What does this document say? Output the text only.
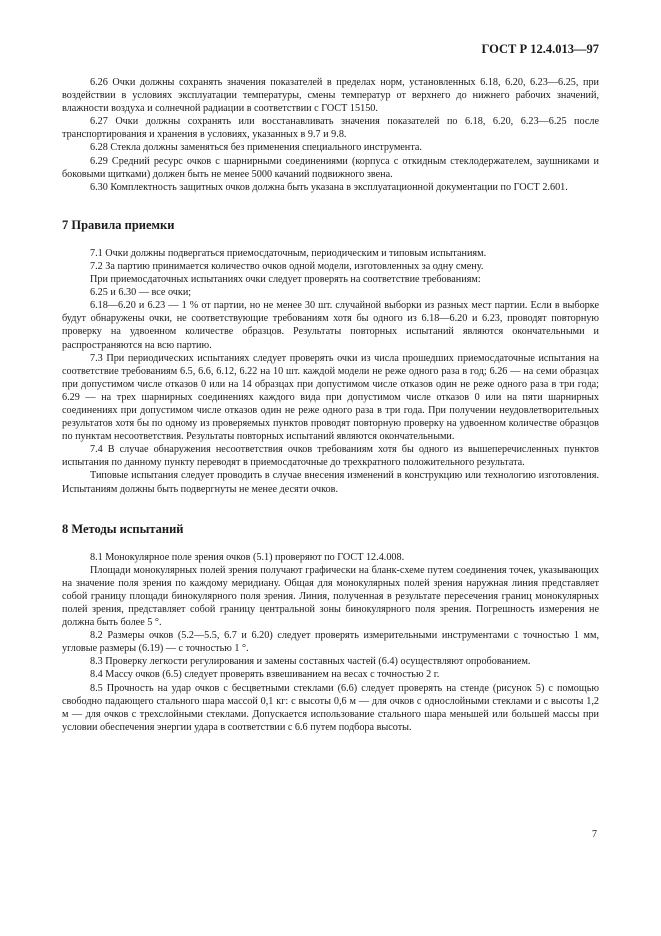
ГОСТ Р 12.4.013—97

6.26 Очки должны сохранять значения показателей в пределах норм, установленных 6.18, 6.20, 6.23—6.25, при воздействии в условиях эксплуатации температуры, смены температур от верхнего до нижнего рабочих значений, влажности воздуха и солнечной радиации в соответствии с ГОСТ 15150.

6.27 Очки должны сохранять или восстанавливать значения показателей по 6.18, 6.20, 6.23—6.25 после транспортирования и хранения в условиях, указанных в 9.7 и 9.8.

6.28 Стекла должны заменяться без применения специального инструмента.

6.29 Средний ресурс очков с шарнирными соединениями (корпуса с откидным стеклодержателем, заушниками и боковыми щитками) должен быть не менее 5000 качаний подвижного звена.

6.30 Комплектность защитных очков должна быть указана в эксплуатационной документации по ГОСТ 2.601.

7 Правила приемки

7.1 Очки должны подвергаться приемосдаточным, периодическим и типовым испытаниям.

7.2 За партию принимается количество очков одной модели, изготовленных за одну смену.

При приемосдаточных испытаниях очки следует проверять на соответствие требованиям:

6.25 и 6.30 — все очки;

6.18—6.20 и 6.23 — 1 % от партии, но не менее 30 шт. случайной выборки из разных мест партии. Если в выборке будут обнаружены очки, не соответствующие требованиям хотя бы одного из 6.18—6.20 и 6.23, проводят повторную проверку на удвоенном количестве образцов. Результаты повторных испытаний являются окончательными и распространяются на всю партию.

7.3 При периодических испытаниях следует проверять очки из числа прошедших приемосдаточные испытания на соответствие требованиям 6.5, 6.6, 6.12, 6.22 на 10 шт. каждой модели не реже одного раза в год; 6.26 — на семи образцах при допустимом числе отказов 0 или на 14 образцах при допустимом числе отказов один не реже одного раза в три года; 6.29 — на трех шарнирных соединениях каждого вида при допустимом числе отказов 0 или на пяти шарнирных соединениях при допустимом числе отказов один не реже одного раза в три года. При получении неудовлетворительных результатов хотя бы по одному из проверяемых пунктов проводят повторную проверку на удвоенном количестве образцов по пунктам несоответствия. Результаты повторных испытаний являются окончательными.

7.4 В случае обнаружения несоответствия очков требованиям хотя бы одного из вышеперечисленных пунктов испытания по данному пункту переводят в приемосдаточные до трехкратного положительного результата.

Типовые испытания следует проводить в случае внесения изменений в конструкцию или технологию изготовления. Испытаниям должны быть подвергнуты не менее десяти очков.

8 Методы испытаний

8.1 Монокулярное поле зрения очков (5.1) проверяют по ГОСТ 12.4.008.

Площади монокулярных полей зрения получают графически на бланк-схеме путем соединения точек, указывающих на значение поля зрения по каждому меридиану. Общая для монокулярных полей зрения наружная линия представляет собой границу площади бинокулярного поля зрения. Линия, полученная в результате пересечения границ монокулярных полей зрения, представляет собой границу центральной зоны бинокулярного поля зрения. Погрешность измерения не должна быть более 5 °.

8.2 Размеры очков (5.2—5.5, 6.7 и 6.20) следует проверять измерительными инструментами с точностью 1 мм, угловые размеры (6.19) — с точностью 1 °.

8.3 Проверку легкости регулирования и замены составных частей (6.4) осуществляют опробованием.

8.4 Массу очков (6.5) следует проверять взвешиванием на весах с точностью 2 г.

8.5 Прочность на удар очков с бесцветными стеклами (6.6) следует проверять на стенде (рисунок 5) с помощью свободно падающего стального шара массой 0,1 кг: с высоты 0,6 м — для очков с однослойными стеклами и с высоты 1,2 м — для очков с трехслойными стеклами. Допускается использование стального шара меньшей или большей массы при условии обеспечения энергии удара в соответствии с 6.6 путем подбора высоты.

7
